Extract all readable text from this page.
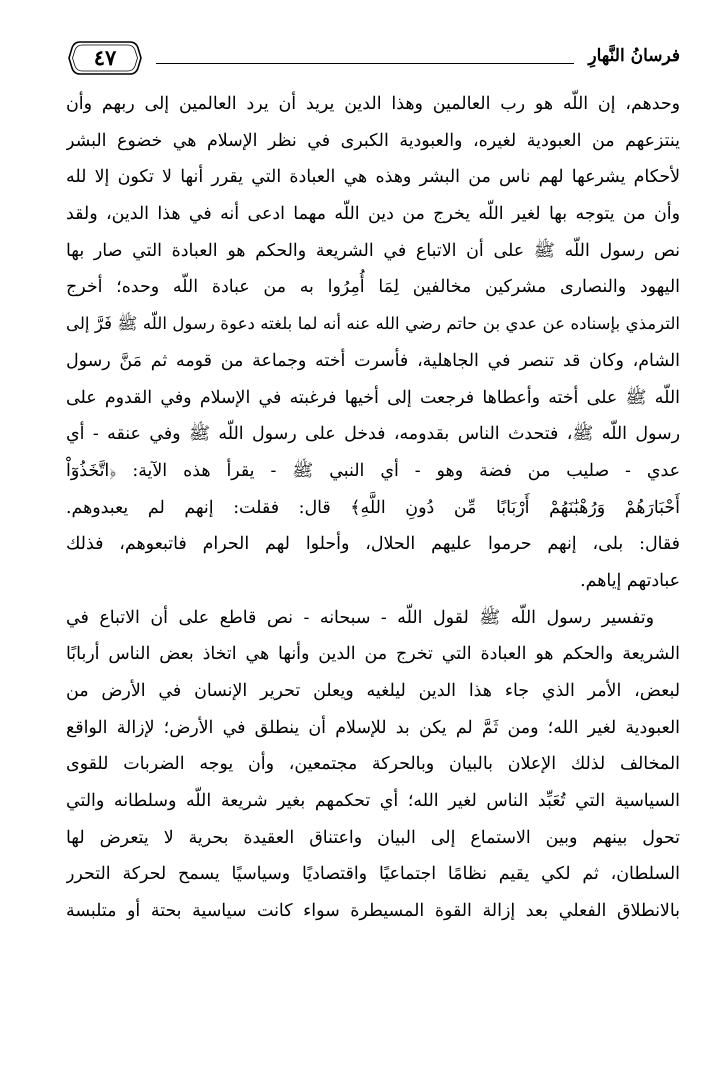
٤٧	فرسانُ النَّهارِ
وحدهم، إن اللّه هو رب العالمين وهذا الدين يريد أن يرد العالمين إلى ربهم وأن
ينتزعهم من العبودية لغيره، والعبودية الكبرى في نظر الإسلام هي خضوع البشر
لأحكام يشرعها لهم ناس من البشر وهذه هي العبادة التي يقرر أنها لا تكون إلا لله
وأن من يتوجه بها لغير اللّه يخرج من دين اللّه مهما ادعى أنه في هذا الدين، ولقد
نص رسول اللّه ﷺ على أن الاتباع في الشريعة والحكم هو العبادة التي صار بها
اليهود والنصارى مشركين مخالفين لِمَا أُمِرُوا به من عبادة اللّه وحده؛ أخرج
الترمذي بإسناده عن عدي بن حاتم رضي الله عنه أنه لما بلغته دعوة رسول اللّه ﷺ فَرَّ إلى
الشام، وكان قد تنصر في الجاهلية، فأسرت أخته وجماعة من قومه ثم مَنَّ رسول
اللّه ﷺ على أخته وأعطاها فرجعت إلى أخيها فرغبته في الإسلام وفي القدوم على
رسول اللّه ﷺ، فتحدث الناس بقدومه، فدخل على رسول اللّه ﷺ وفي عنقه - أي
عدي - صليب من فضة وهو - أي النبي ﷺ - يقرأ هذه الآية: ﴿اتَّخَذُوٓاْ
أَحْبَارَهُمْ وَرُهْبَٰنَهُمْ أَرْبَابًا مِّن دُونِ اللَّهِ﴾ قال: فقلت: إنهم لم يعبدوهم.
فقال: بلى، إنهم حرموا عليهم الحلال، وأحلوا لهم الحرام فاتبعوهم، فذلك
عبادتهم إياهم.
وتفسير رسول اللّه ﷺ لقول اللّه - سبحانه - نص قاطع على أن الاتباع في
الشريعة والحكم هو العبادة التي تخرج من الدين وأنها هي اتخاذ بعض الناس أربابًا
لبعض، الأمر الذي جاء هذا الدين ليلغيه ويعلن تحرير الإنسان في الأرض من
العبودية لغير الله؛ ومن ثَمَّ لم يكن بد للإسلام أن ينطلق في الأرض؛ لإزالة الواقع
المخالف لذلك الإعلان بالبيان وبالحركة مجتمعين، وأن يوجه الضربات للقوى
السياسية التي تُعَبِّد الناس لغير الله؛ أي تحكمهم بغير شريعة اللّه وسلطانه والتي
تحول بينهم وبين الاستماع إلى البيان واعتناق العقيدة بحرية لا يتعرض لها
السلطان، ثم لكي يقيم نظامًا اجتماعيًا واقتصاديًا وسياسيًا يسمح لحركة التحرر
بالانطلاق الفعلي بعد إزالة القوة المسيطرة سواء كانت سياسية بحتة أو متلبسة
